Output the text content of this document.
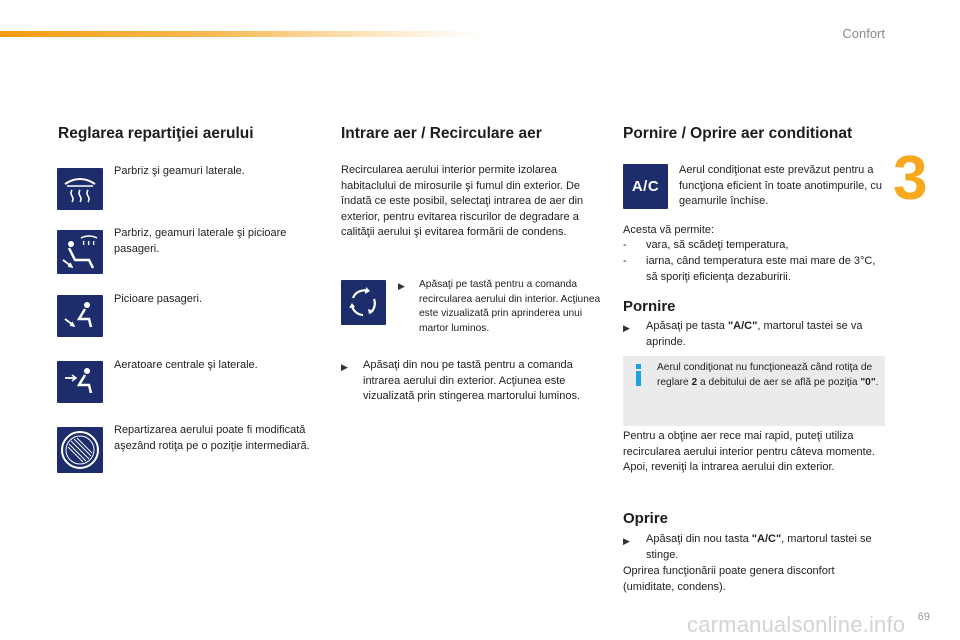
Confort
3
Reglarea repartiţiei aerului
Parbriz şi geamuri laterale.
Parbriz, geamuri laterale şi picioare pasageri.
Picioare pasageri.
Aeratoare centrale şi laterale.
Repartizarea aerului poate fi modificată aşezând rotiţa pe o poziţie intermediară.
Intrare aer / Recirculare aer
Recircularea aerului interior permite izolarea habitaclului de mirosurile şi fumul din exterior. De îndată ce este posibil, selectaţi intrarea de aer din exterior, pentru evitarea riscurilor de degradare a calităţii aerului şi evitarea formării de condens.
▶ Apăsaţi pe tastă pentru a comanda recircularea aerului din interior. Acţiunea este vizualizată prin aprinderea unui martor luminos.
▶ Apăsaţi din nou pe tastă pentru a comanda intrarea aerului din exterior. Acţiunea este vizualizată prin stingerea martorului luminos.
Pornire / Oprire aer conditionat
A/C
Aerul condiţionat este prevăzut pentru a funcţiona eficient în toate anotimpurile, cu geamurile închise.
Acesta vă permite:
- vara, să scădeţi temperatura,
- iarna, când temperatura este mai mare de 3°C, să sporiţi eficienţa dezaburirii.
Pornire
▶ Apăsaţi pe tasta "A/C", martorul tastei se va aprinde.
Aerul condiţionat nu funcţionează când rotiţa de reglare 2 a debitului de aer se află pe poziţia "0".
Pentru a obţine aer rece mai rapid, puteţi utiliza recircularea aerului interior pentru câteva momente. Apoi, reveniţi la intrarea aerului din exterior.
Oprire
▶ Apăsaţi din nou tasta "A/C", martorul tastei se stinge.
Oprirea funcţionării poate genera disconfort (umiditate, condens).
carmanualsonline.info 69
